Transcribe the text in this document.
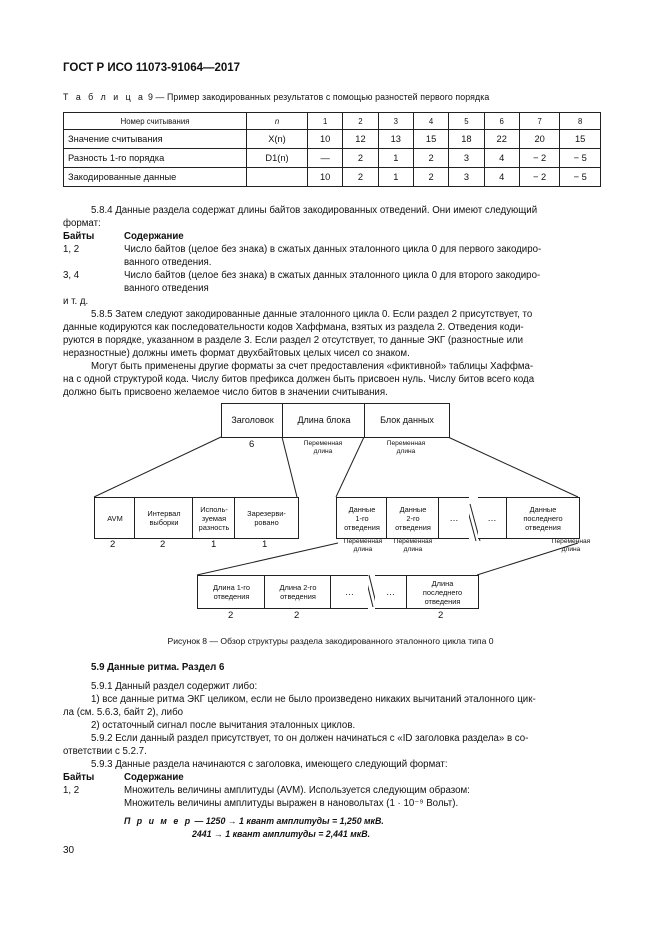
ГОСТ Р ИСО 11073-91064—2017
Т а б л и ц а 9 — Пример закодированных результатов с помощью разностей первого порядка
Номер считывания	n	1	2	3	4	5	6	7	8
Значение считывания	X(n)	10	12	13	15	18	22	20	15
Разность 1-го порядка	D1(n)	—	2	1	2	3	4	− 2	− 5
Закодированные данные		10	2	1	2	3	4	− 2	− 5
5.8.4 Данные раздела содержат длины байтов закодированных отведений. Они имеют следующий
формат:
Байты	Содержание
1, 2	Число байтов (целое без знака) в сжатых данных эталонного цикла 0 для первого закодиро-
ванного отведения.
3, 4	Число байтов (целое без знака) в сжатых данных эталонного цикла 0 для второго закодиро-
ванного отведения
и т. д.
5.8.5 Затем следуют закодированные данные эталонного цикла 0. Если раздел 2 присутствует, то
данные кодируются как последовательности кодов Хаффмана, взятых из раздела 2. Отведения коди-
руются в порядке, указанном в разделе 3. Если раздел 2 отсутствует, то данные ЭКГ (разностные или
неразностные) должны иметь формат двухбайтовых целых чисел со знаком.
Могут быть применены другие форматы за счет предоставления «фиктивной» таблицы Хаффма-
на с одной структурой кода. Числу битов префикса должен быть присвоен нуль. Числу битов всего кода
должно быть присвоено желаемое число битов в значении считывания.
Заголовок	Длина блока	Блок данных
6	Переменная
длина
Переменная
длина
AVM	Интервал
выборки
Исполь-
зуемая
разность
Зарезерви-
ровано
2	2	1	1
Данные
1-го
отведения
Данные
2-го
отведения
…	…
Данные
последнего
отведения
Переменная
длина
Переменная
длина
Переменная
длина
Длина 1-го
отведения
Длина 2-го
отведения	…	…
Длина
последнего
отведения
2	2	2
Рисунок 8 — Обзор структуры раздела закодированного эталонного цикла типа 0
5.9 Данные ритма. Раздел 6
5.9.1 Данный раздел содержит либо:
1) все данные ритма ЭКГ целиком, если не было произведено никаких вычитаний эталонного цик-
ла (см. 5.6.3, байт 2), либо
2) остаточный сигнал после вычитания эталонных циклов.
5.9.2 Если данный раздел присутствует, то он должен начинаться с «ID заголовка раздела» в со-
ответствии с 5.2.7.
5.9.3 Данные раздела начинаются с заголовка, имеющего следующий формат:
Байты	Содержание
1, 2	Множитель величины амплитуды (AVM). Используется следующим образом:
Множитель величины амплитуды выражен в нановольтах (1 · 10⁻⁹ Вольт).
П р и м е р — 1250 → 1 квант амплитуды = 1,250 мкВ.
2441 → 1 квант амплитуды = 2,441 мкВ.
30
